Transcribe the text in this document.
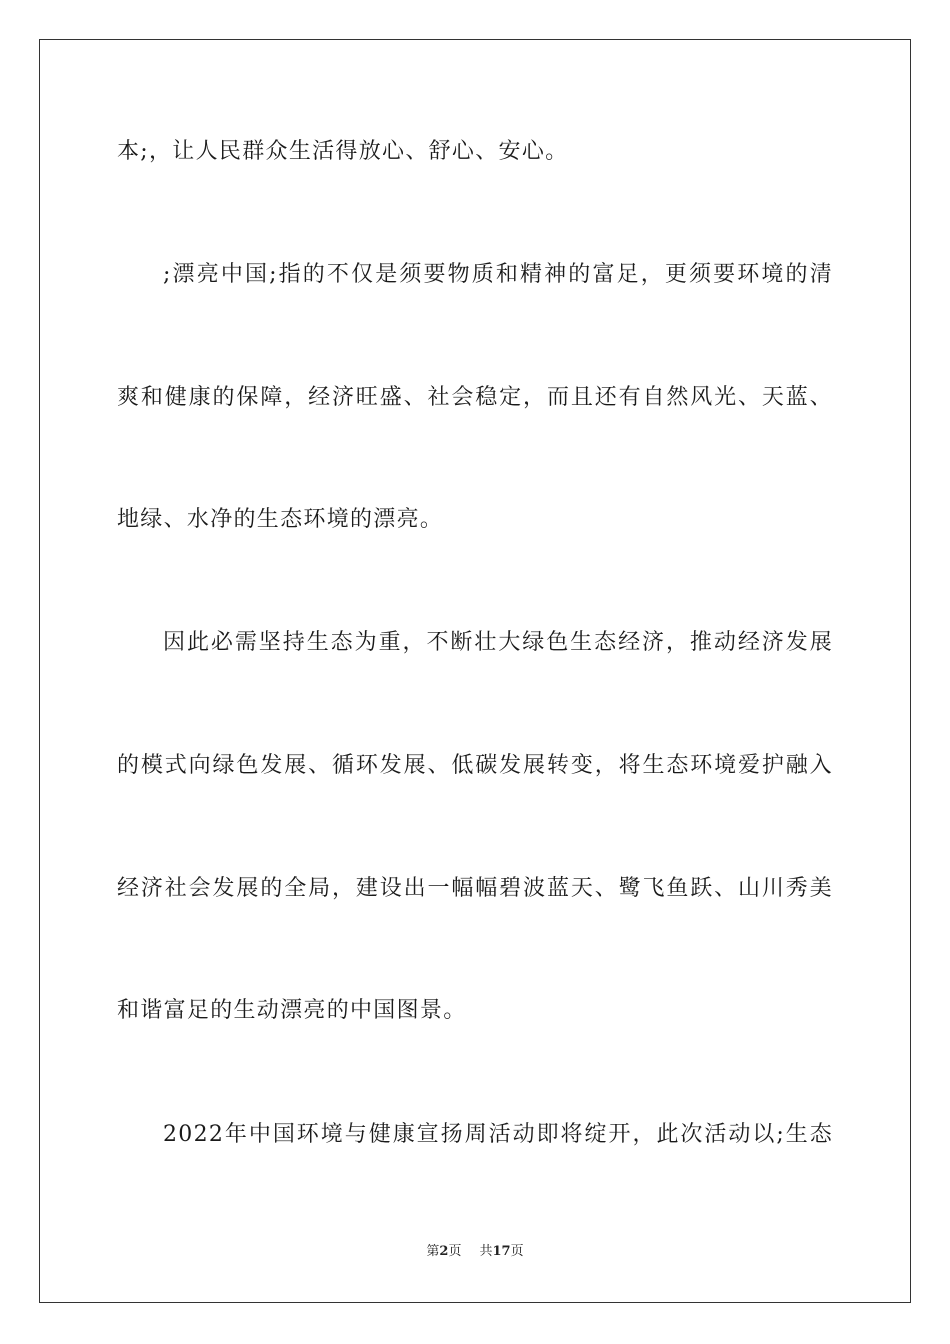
本;，让人民群众生活得放心、舒心、安心。
;漂亮中国;指的不仅是须要物质和精神的富足，更须要环境的清
爽和健康的保障，经济旺盛、社会稳定，而且还有自然风光、天蓝、
地绿、水净的生态环境的漂亮。
因此必需坚持生态为重，不断壮大绿色生态经济，推动经济发展
的模式向绿色发展、循环发展、低碳发展转变，将生态环境爱护融入
经济社会发展的全局，建设出一幅幅碧波蓝天、鹭飞鱼跃、山川秀美
和谐富足的生动漂亮的中国图景。
2022年中国环境与健康宣扬周活动即将绽开，此次活动以;生态
第2页 共17页
